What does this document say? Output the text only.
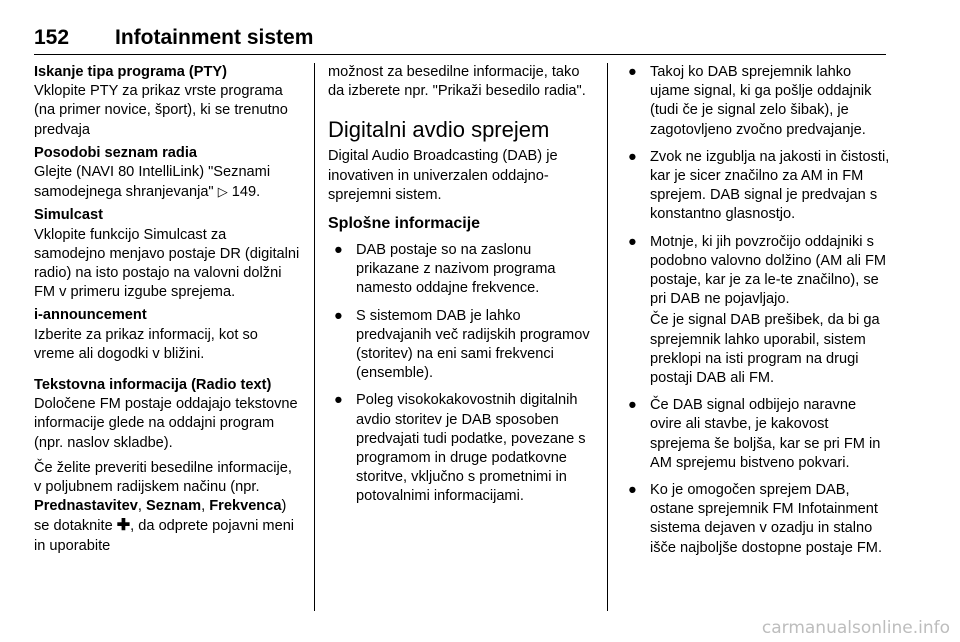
152 Infotainment sistem

Iskanje tipa programa (PTY)

Vklopite PTY za prikaz vrste programa (na primer novice, šport), ki se trenutno predvaja

Posodobi seznam radia

Glejte (NAVI 80 IntelliLink) "Seznami samodejnega shranjevanja" ▷ 149.

Simulcast

Vklopite funkcijo Simulcast za samodejno menjavo postaje DR (digitalni radio) na isto postajo na valovni dolžni FM v primeru izgube sprejema.

i-announcement

Izberite za prikaz informacij, kot so vreme ali dogodki v bližini.

Tekstovna informacija (Radio text)

Določene FM postaje oddajajo tekstovne informacije glede na oddajni program (npr. naslov skladbe).

Če želite preveriti besedilne informacije, v poljubnem radijskem načinu (npr. Prednastavitev, Seznam, Frekvenca) se dotaknite ✚, da odprete pojavni meni in uporabite

možnost za besedilne informacije, tako da izberete npr. "Prikaži besedilo radia".

Digitalni avdio sprejem

Digital Audio Broadcasting (DAB) je inovativen in univerzalen oddajno-sprejemni sistem.

Splošne informacije

● DAB postaje so na zaslonu prikazane z nazivom programa namesto oddajne frekvence.
● S sistemom DAB je lahko predvajanih več radijskih programov (storitev) na eni sami frekvenci (ensemble).
● Poleg visokokakovostnih digitalnih avdio storitev je DAB sposoben predvajati tudi podatke, povezane s programom in druge podatkovne storitve, vključno s prometnimi in potovalnimi informacijami.
● Takoj ko DAB sprejemnik lahko ujame signal, ki ga pošlje oddajnik (tudi če je signal zelo šibak), je zagotovljeno zvočno predvajanje.
● Zvok ne izgublja na jakosti in čistosti, kar je sicer značilno za AM in FM sprejem. DAB signal je predvajan s konstantno glasnostjo.
● Motnje, ki jih povzročijo oddajniki s podobno valovno dolžino (AM ali FM postaje, kar je za le-te značilno), se pri DAB ne pojavljajo.

Če je signal DAB prešibek, da bi ga sprejemnik lahko uporabil, sistem preklopi na isti program na drugi postaji DAB ali FM.

● Če DAB signal odbijejo naravne ovire ali stavbe, je kakovost sprejema še boljša, kar se pri FM in AM sprejemu bistveno pokvari.
● Ko je omogočen sprejem DAB, ostane sprejemnik FM Infotainment sistema dejaven v ozadju in stalno išče najboljše dostopne postaje FM.
carmanualsonline.info
